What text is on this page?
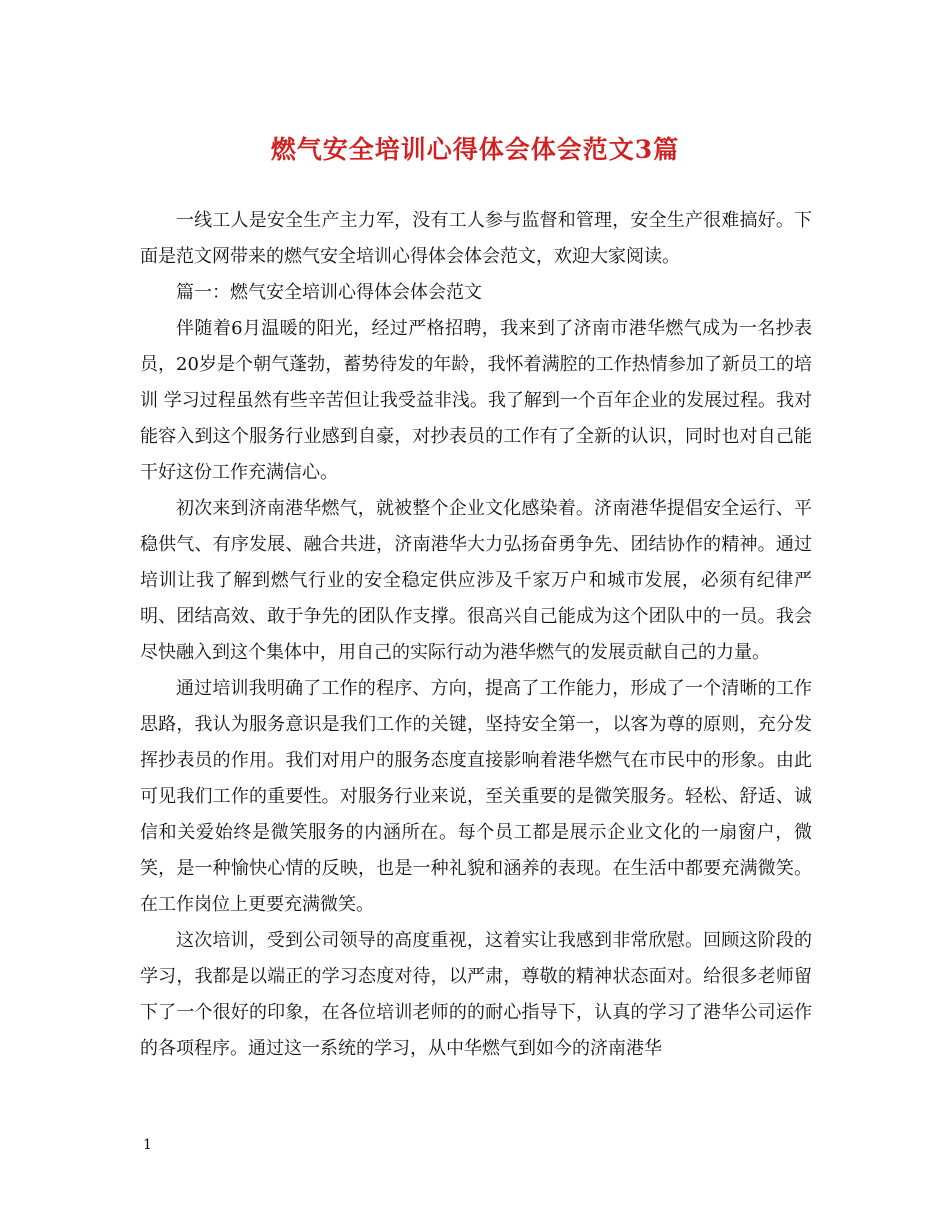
燃气安全培训心得体会体会范文3篇

一线工人是安全生产主力军，没有工人参与监督和管理，安全生产很难搞好。下面是范文网带来的燃气安全培训心得体会体会范文，欢迎大家阅读。

篇一：燃气安全培训心得体会体会范文

伴随着6月温暖的阳光，经过严格招聘，我来到了济南市港华燃气成为一名抄表员，20岁是个朝气蓬勃，蓄势待发的年龄，我怀着满腔的工作热情参加了新员工的培训 学习过程虽然有些辛苦但让我受益非浅。我了解到一个百年企业的发展过程。我对能容入到这个服务行业感到自豪，对抄表员的工作有了全新的认识，同时也对自己能干好这份工作充满信心。

初次来到济南港华燃气，就被整个企业文化感染着。济南港华提倡安全运行、平稳供气、有序发展、融合共进，济南港华大力弘扬奋勇争先、团结协作的精神。通过培训让我了解到燃气行业的安全稳定供应涉及千家万户和城市发展，必须有纪律严明、团结高效、敢于争先的团队作支撑。很高兴自己能成为这个团队中的一员。我会尽快融入到这个集体中，用自己的实际行动为港华燃气的发展贡献自己的力量。

通过培训我明确了工作的程序、方向，提高了工作能力，形成了一个清晰的工作思路，我认为服务意识是我们工作的关键，坚持安全第一，以客为尊的原则，充分发挥抄表员的作用。我们对用户的服务态度直接影响着港华燃气在市民中的形象。由此可见我们工作的重要性。对服务行业来说，至关重要的是微笑服务。轻松、舒适、诚信和关爱始终是微笑服务的内涵所在。每个员工都是展示企业文化的一扇窗户，微笑，是一种愉快心情的反映，也是一种礼貌和涵养的表现。在生活中都要充满微笑。在工作岗位上更要充满微笑。

这次培训，受到公司领导的高度重视，这着实让我感到非常欣慰。回顾这阶段的学习，我都是以端正的学习态度对待，以严肃，尊敬的精神状态面对。给很多老师留下了一个很好的印象，在各位培训老师的的耐心指导下，认真的学习了港华公司运作的各项程序。通过这一系统的学习，从中华燃气到如今的济南港华

1
